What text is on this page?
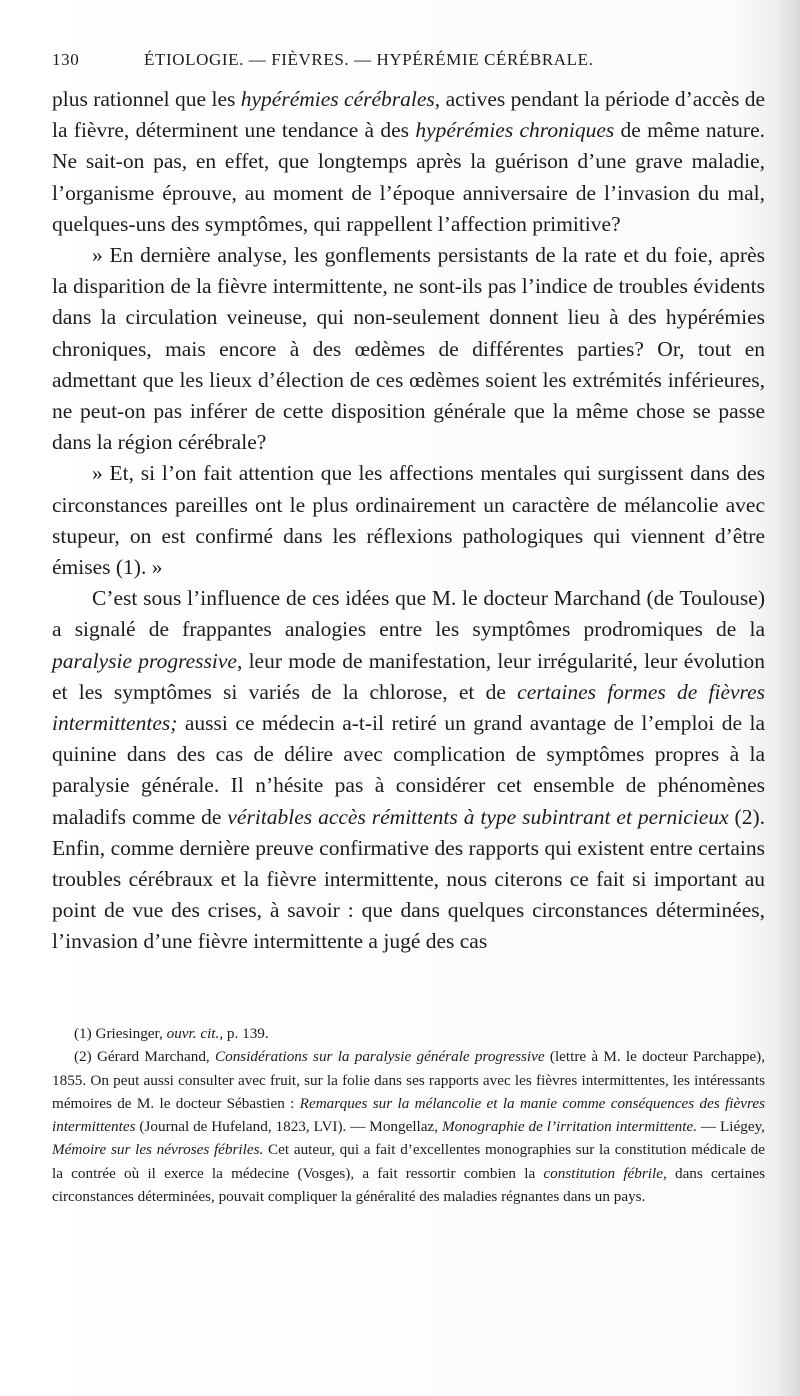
130	ÉTIOLOGIE. — FIÈVRES. — HYPÉRÉMIE CÉRÉBRALE.

plus rationnel que les hypérémies cérébrales, actives pendant la période d’accès de la fièvre, déterminent une tendance à des hypérémies chroniques de même nature. Ne sait-on pas, en effet, que longtemps après la guérison d’une grave maladie, l’organisme éprouve, au moment de l’époque anniversaire de l’invasion du mal, quelques-uns des symptômes, qui rappellent l’affection primitive?

» En dernière analyse, les gonflements persistants de la rate et du foie, après la disparition de la fièvre intermittente, ne sont-ils pas l’indice de troubles évidents dans la circulation veineuse, qui non-seulement donnent lieu à des hypérémies chroniques, mais encore à des œdèmes de différentes parties? Or, tout en admettant que les lieux d’élection de ces œdèmes soient les extrémités inférieures, ne peut-on pas inférer de cette disposition générale que la même chose se passe dans la région cérébrale?

» Et, si l’on fait attention que les affections mentales qui surgissent dans des circonstances pareilles ont le plus ordinairement un caractère de mélancolie avec stupeur, on est confirmé dans les réflexions pathologiques qui viennent d’être émises (1). »

C’est sous l’influence de ces idées que M. le docteur Marchand (de Toulouse) a signalé de frappantes analogies entre les symptômes prodromiques de la paralysie progressive, leur mode de manifestation, leur irrégularité, leur évolution et les symptômes si variés de la chlorose, et de certaines formes de fièvres intermittentes; aussi ce médecin a-t-il retiré un grand avantage de l’emploi de la quinine dans des cas de délire avec complication de symptômes propres à la paralysie générale. Il n’hésite pas à considérer cet ensemble de phénomènes maladifs comme de véritables accès rémittents à type subintrant et pernicieux (2). Enfin, comme dernière preuve confirmative des rapports qui existent entre certains troubles cérébraux et la fièvre intermittente, nous citerons ce fait si important au point de vue des crises, à savoir : que dans quelques circonstances déterminées, l’invasion d’une fièvre intermittente a jugé des cas

(1) Griesinger, ouvr. cit., p. 139.

(2) Gérard Marchand, Considérations sur la paralysie générale progressive (lettre à M. le docteur Parchappe), 1855. On peut aussi consulter avec fruit, sur la folie dans ses rapports avec les fièvres intermittentes, les intéressants mémoires de M. le docteur Sébastien : Remarques sur la mélancolie et la manie comme conséquences des fièvres intermittentes (Journal de Hufeland, 1823, LVI). — Mongellaz, Monographie de l’irritation intermittente. — Liégey, Mémoire sur les névroses fébriles. Cet auteur, qui a fait d’excellentes monographies sur la constitution médicale de la contrée où il exerce la médecine (Vosges), a fait ressortir combien la constitution fébrile, dans certaines circonstances déterminées, pouvait compliquer la généralité des maladies régnantes dans un pays.
